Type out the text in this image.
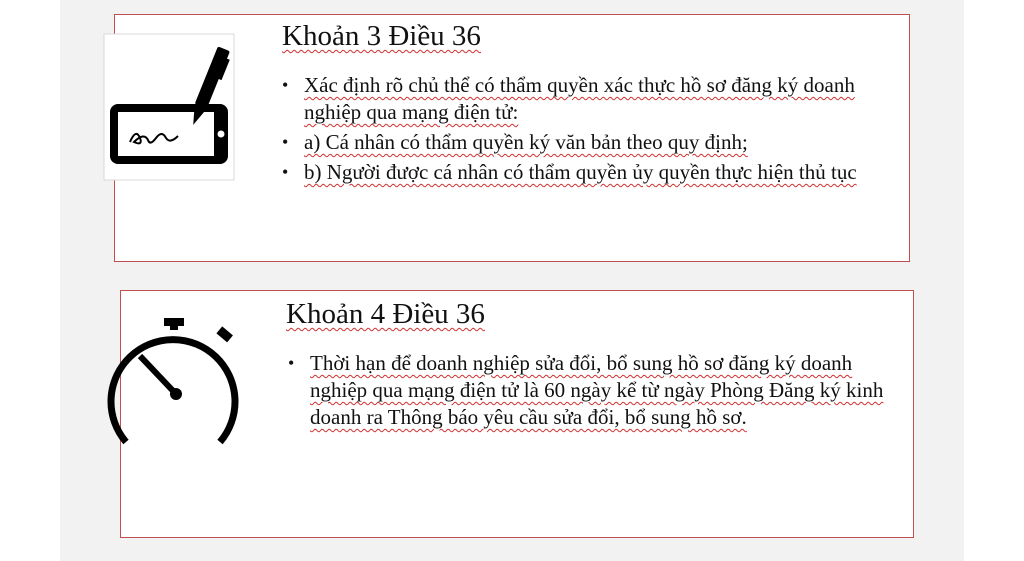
Khoản 3 Điều 36
• Xác định rõ chủ thể có thẩm quyền xác thực hồ sơ đăng ký doanh nghiệp qua mạng điện tử:
• a) Cá nhân có thẩm quyền ký văn bản theo quy định;
• b) Người được cá nhân có thẩm quyền ủy quyền thực hiện thủ tục
Khoản 4 Điều 36
• Thời hạn để doanh nghiệp sửa đổi, bổ sung hồ sơ đăng ký doanh nghiệp qua mạng điện tử là 60 ngày kể từ ngày Phòng Đăng ký kinh doanh ra Thông báo yêu cầu sửa đổi, bổ sung hồ sơ.
